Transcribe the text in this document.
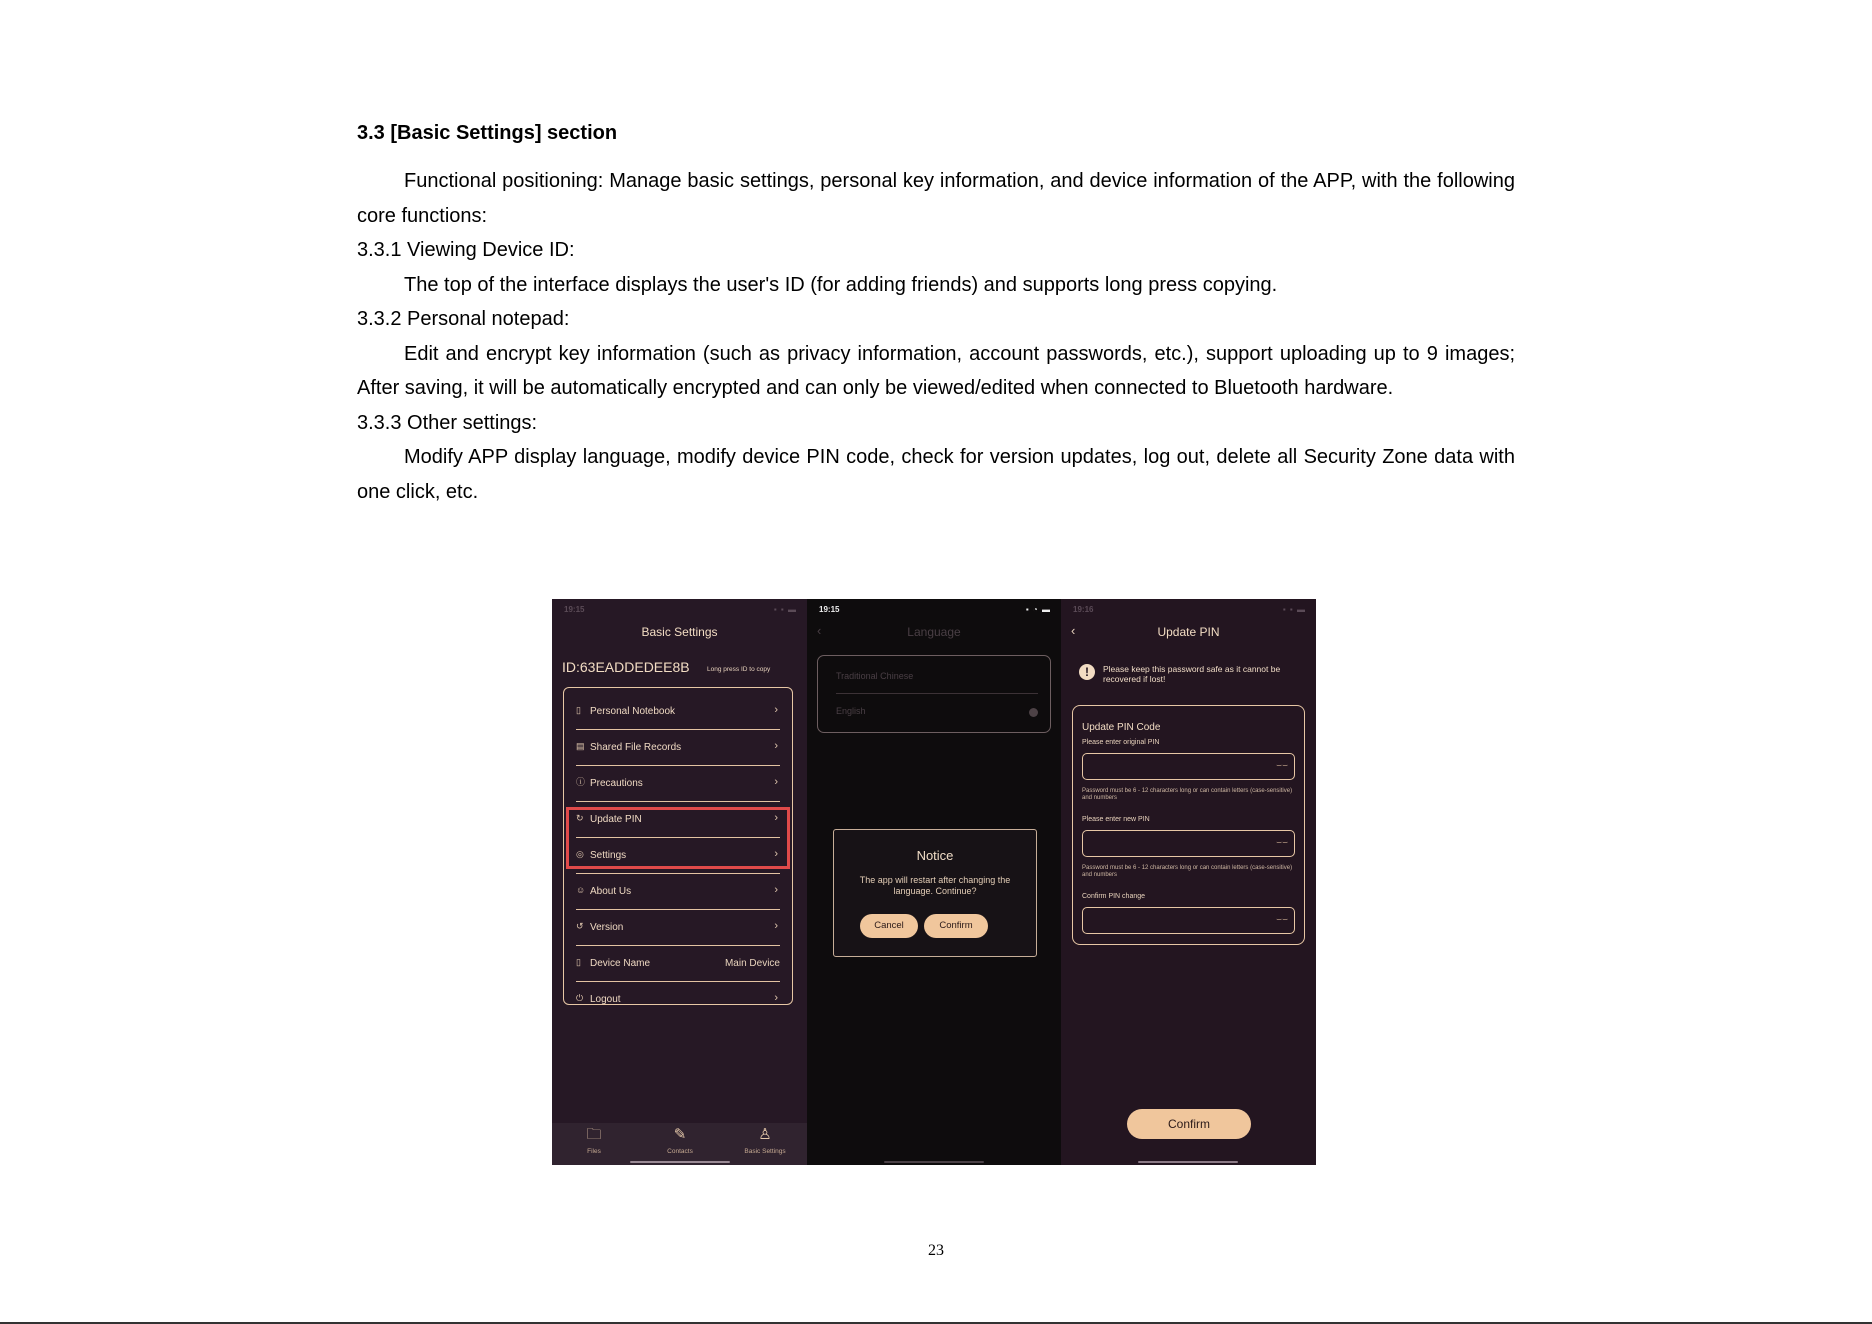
3.3 [Basic Settings] section

Functional positioning: Manage basic settings, personal key information, and device information of the APP, with the following core functions:

3.3.1 Viewing Device ID:

The top of the interface displays the user's ID (for adding friends) and supports long press copying.

3.3.2 Personal notepad:

Edit and encrypt key information (such as privacy information, account passwords, etc.), support uploading up to 9 images; After saving, it will be automatically encrypted and can only be viewed/edited when connected to Bluetooth hardware.

3.3.3 Other settings:

Modify APP display language, modify device PIN code, check for version updates, log out, delete all Security Zone data with one click, etc.

19:15	▪ ▪ ▬
Basic Settings
ID:63EADDEDEE8B	Long press ID to copy
▯ Personal Notebook	›
▤ Shared File Records	›
ⓘ Precautions	›
↻ Update PIN	›
◎ Settings	›
☺ About Us	›
↺ Version	›
▯ Device Name	Main Device
⏻ Logout	›
🗀
Files
✎
Contacts
♙
Basic Settings
19:15	▪ ◔ ▬
‹	Language
Traditional Chinese
English
Notice
The app will restart after changing the language. Continue?
Cancel	Confirm
19:16	▪ ▪ ▬
‹	Update PIN
!	Please keep this password safe as it cannot be recovered if lost!
Update PIN Code
Please enter original PIN
⌣⌣
Password must be 6 - 12 characters long or can contain letters (case-sensitive) and numbers
Please enter new PIN
⌣⌣
Password must be 6 - 12 characters long or can contain letters (case-sensitive) and numbers
Confirm PIN change
⌣⌣
Confirm
23
